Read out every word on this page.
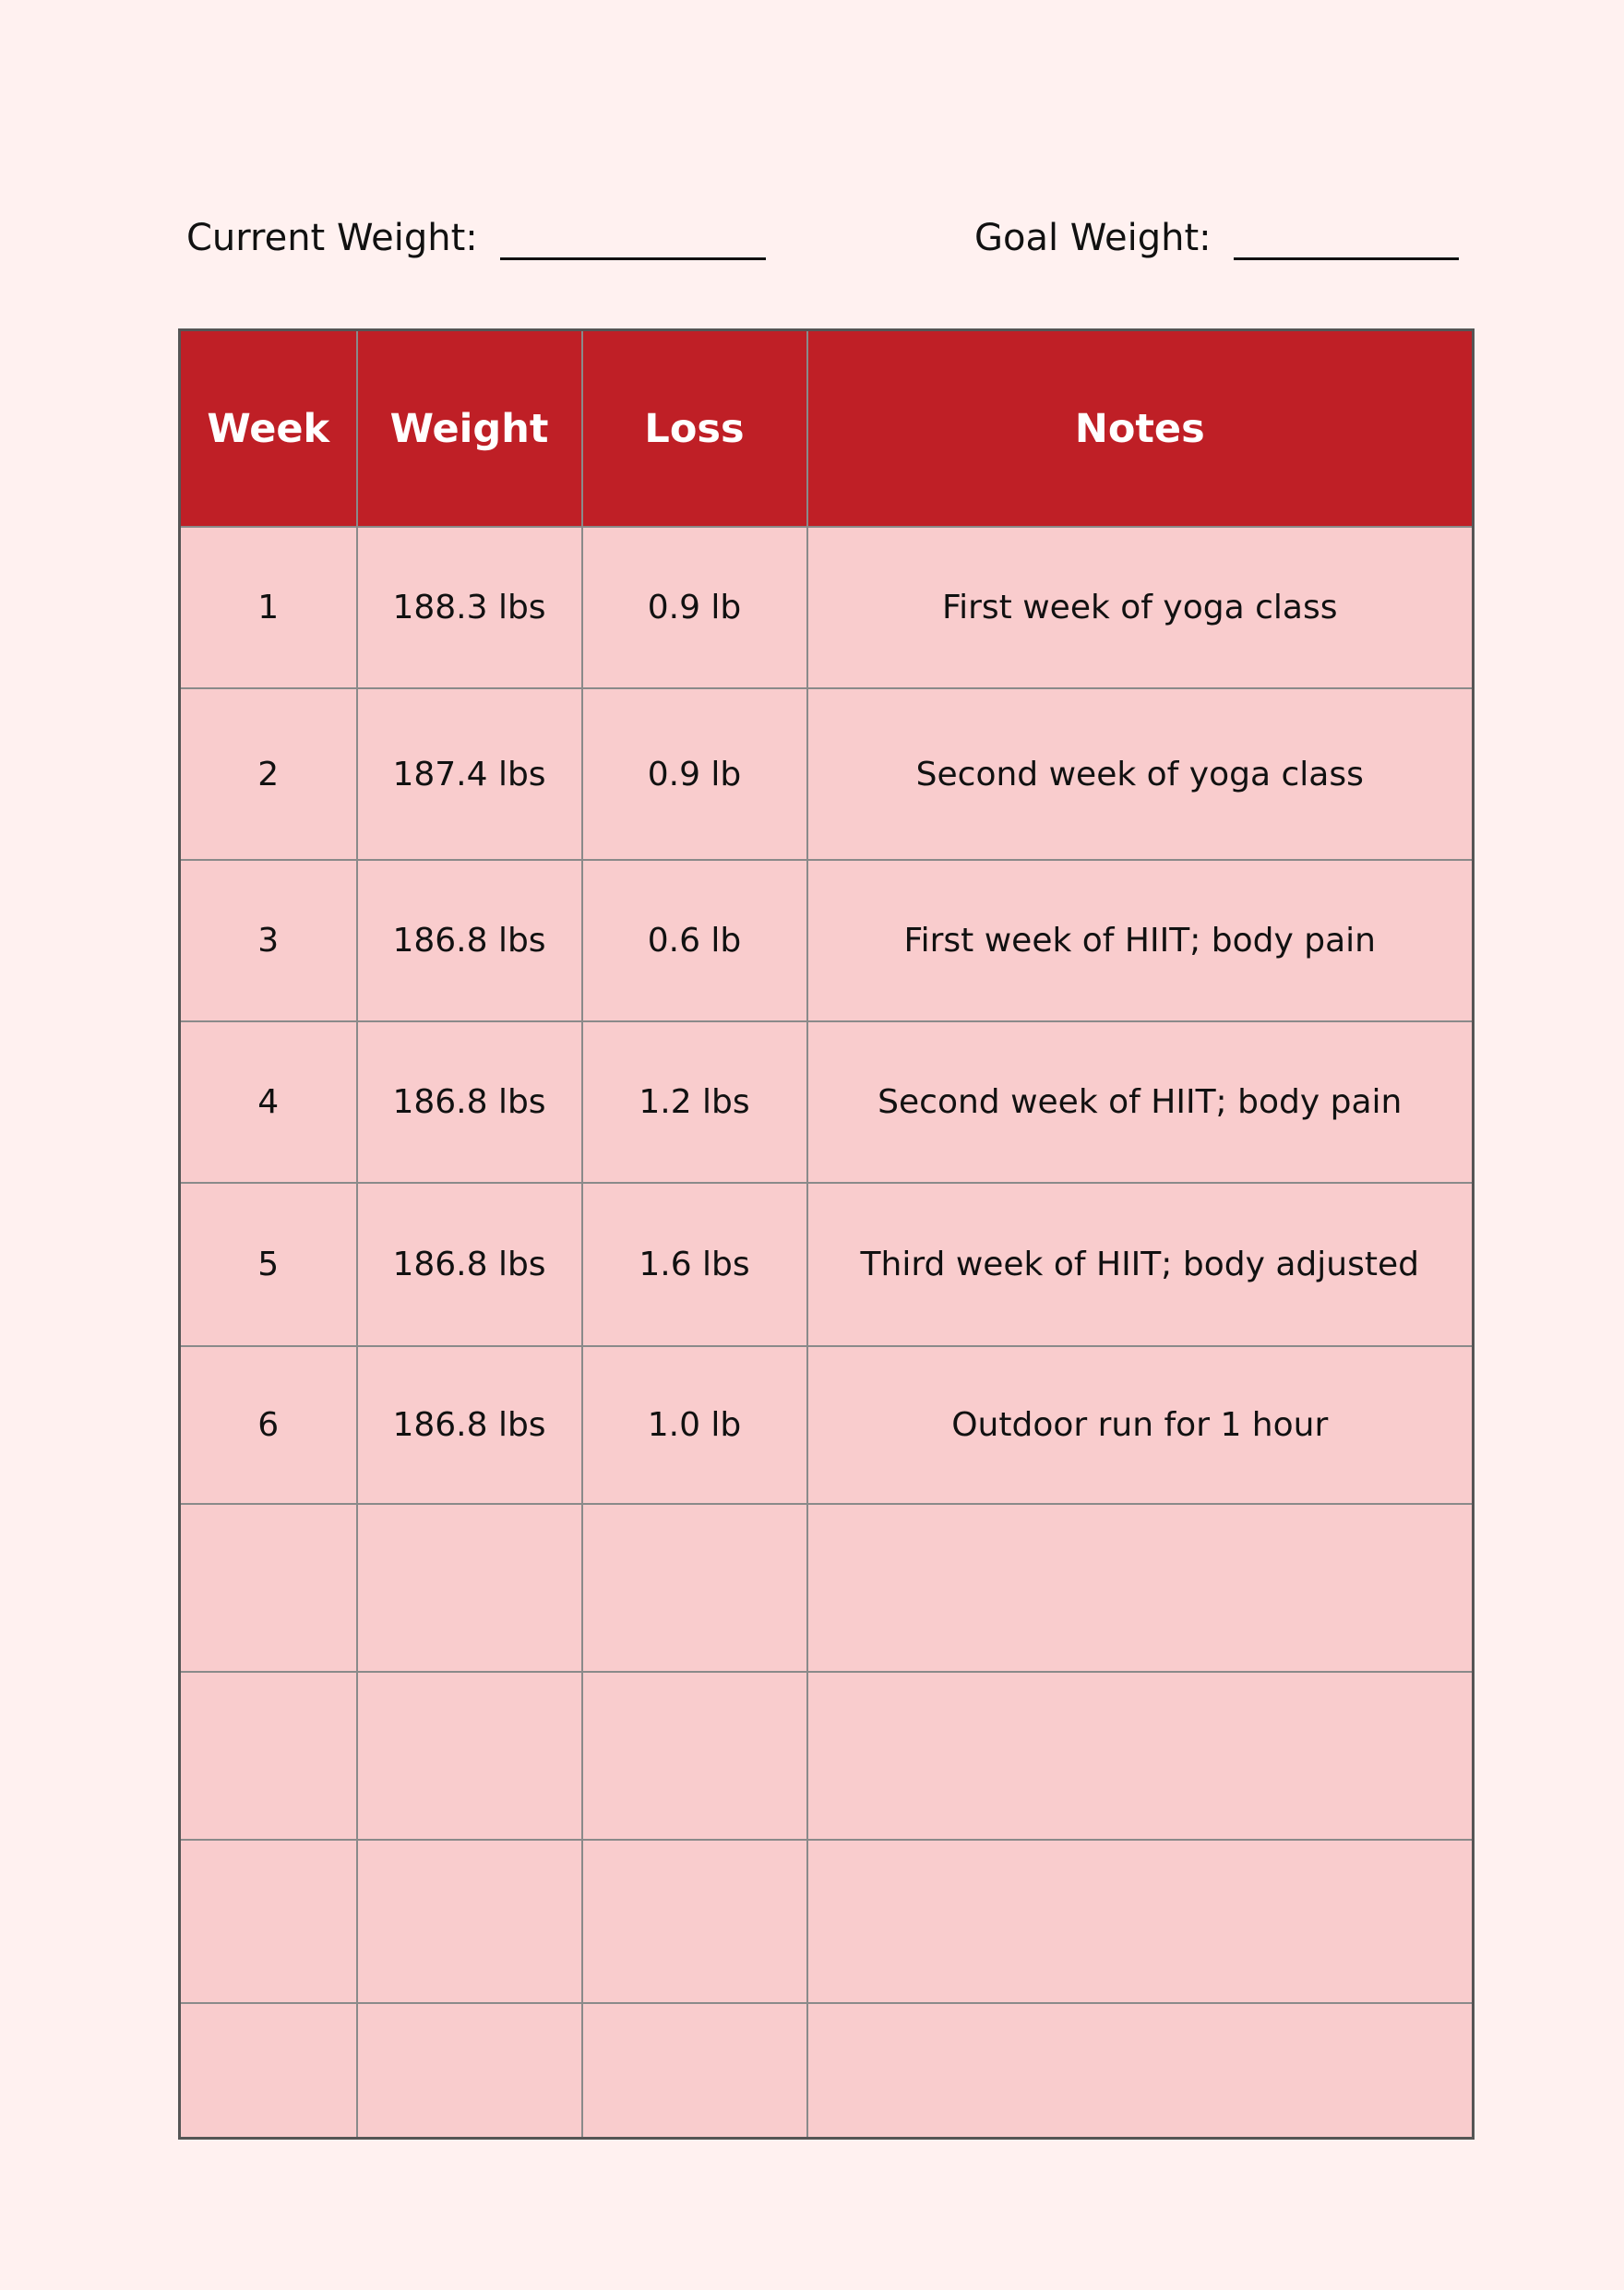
Current Weight:	Goal Weight:
Week	Weight	Loss	Notes
1	188.3 lbs	0.9 lb	First week of yoga class
2	187.4 lbs	0.9 lb	Second week of yoga class
3	186.8 lbs	0.6 lb	First week of HIIT; body pain
4	186.8 lbs	1.2 lbs	Second week of HIIT; body pain
5	186.8 lbs	1.6 lbs	Third week of HIIT; body adjusted
6	186.8 lbs	1.0 lb	Outdoor run for 1 hour
